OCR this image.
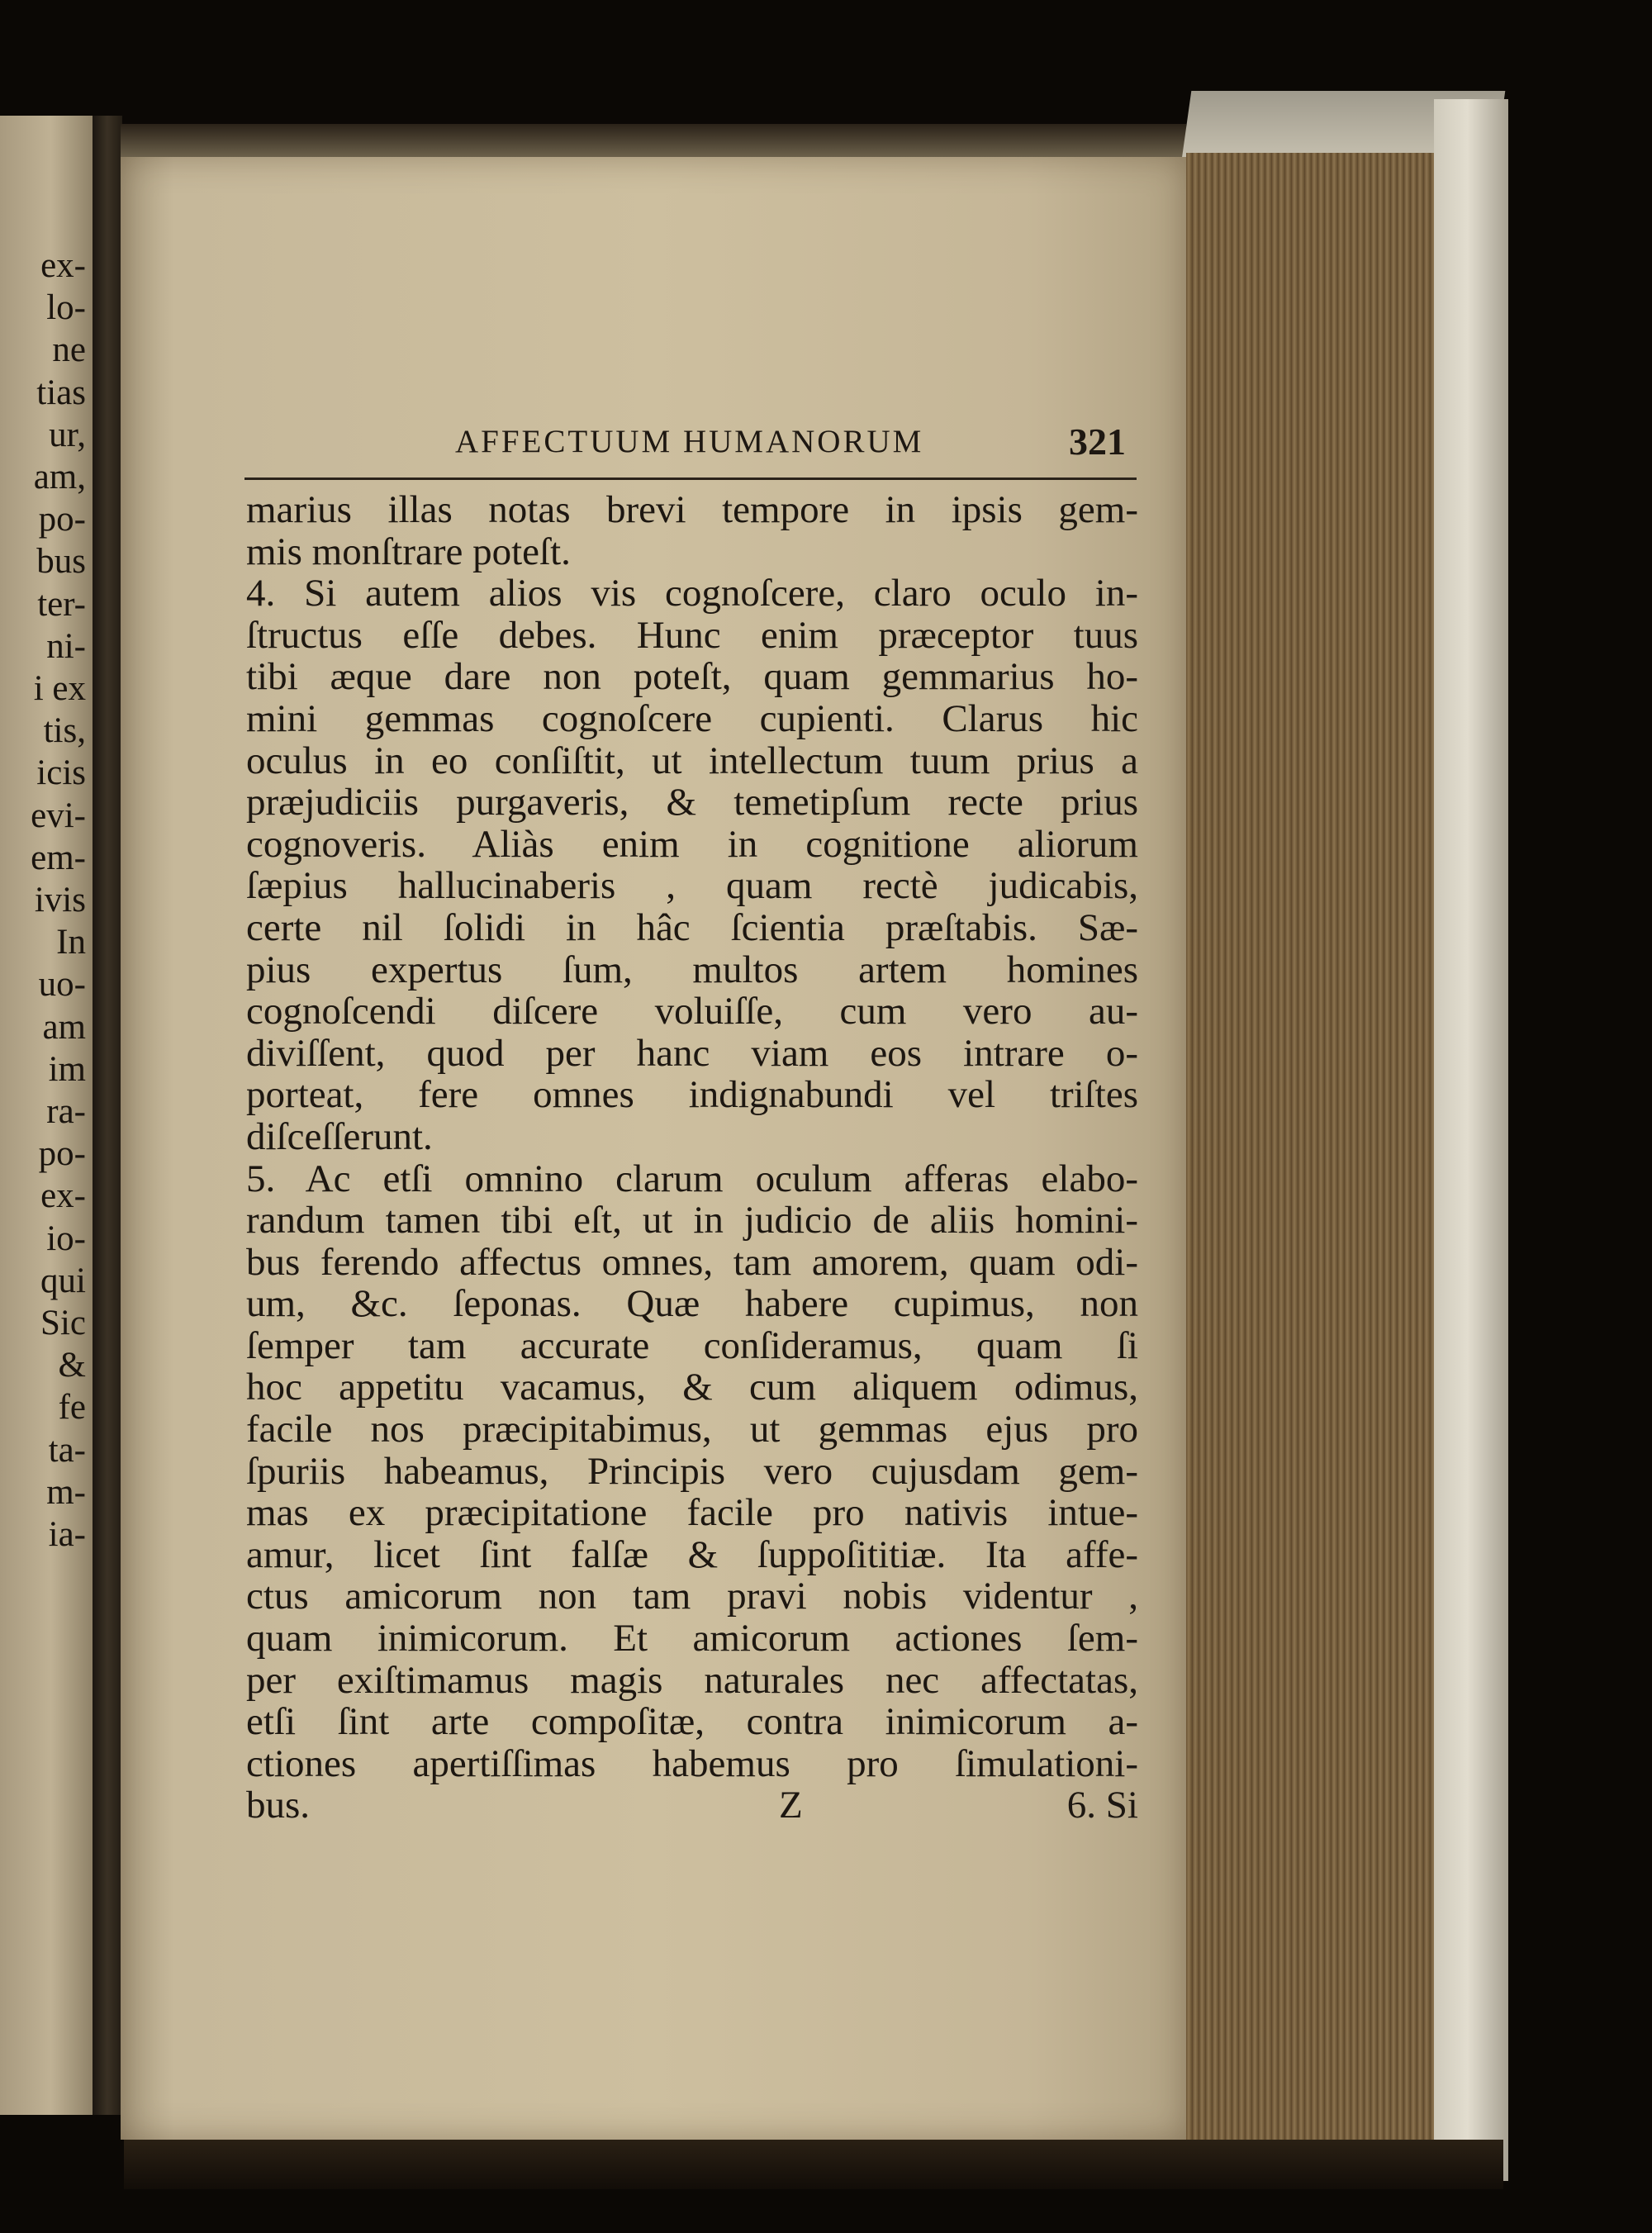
ex-
lo-
ne
tias
ur,
am,
po-
bus
ter-
ni-
i ex
tis,
icis
evi-
em-
ivis
In
uo-
am
im
ra-
po-
ex-
io-
qui
Sic
&
fe
ta-
m-
ia-
AFFECTUUM HUMANORUM	321
marius illas notas brevi tempore in ipsis gem-
mis monſtrare poteſt.
4. Si autem alios vis cognoſcere, claro oculo in-
ſtructus eſſe debes. Hunc enim præceptor tuus
tibi æque dare non poteſt, quam gemmarius ho-
mini gemmas cognoſcere cupienti. Clarus hic
oculus in eo conſiſtit, ut intellectum tuum prius a
præjudiciis purgaveris, & temetipſum recte prius
cognoveris. Aliàs enim in cognitione aliorum
ſæpius hallucinaberis , quam rectè judicabis,
certe nil ſolidi in hâc ſcientia præſtabis. Sæ-
pius expertus ſum, multos artem homines
cognoſcendi diſcere voluiſſe, cum vero au-
diviſſent, quod per hanc viam eos intrare o-
porteat, fere omnes indignabundi vel triſtes
diſceſſerunt.
5. Ac etſi omnino clarum oculum afferas elabo-
randum tamen tibi eſt, ut in judicio de aliis homini-
bus ferendo affectus omnes, tam amorem, quam odi-
um, &c. ſeponas. Quæ habere cupimus, non
ſemper tam accurate conſideramus, quam ſi
hoc appetitu vacamus, & cum aliquem odimus,
facile nos præcipitabimus, ut gemmas ejus pro
ſpuriis habeamus, Principis vero cujusdam gem-
mas ex præcipitatione facile pro nativis intue-
amur, licet ſint falſæ & ſuppoſititiæ. Ita affe-
ctus amicorum non tam pravi nobis videntur ,
quam inimicorum. Et amicorum actiones ſem-
per exiſtimamus magis naturales nec affectatas,
etſi ſint arte compoſitæ, contra inimicorum a-
ctiones apertiſſimas habemus pro ſimulationi-
bus.	Z	6. Si
